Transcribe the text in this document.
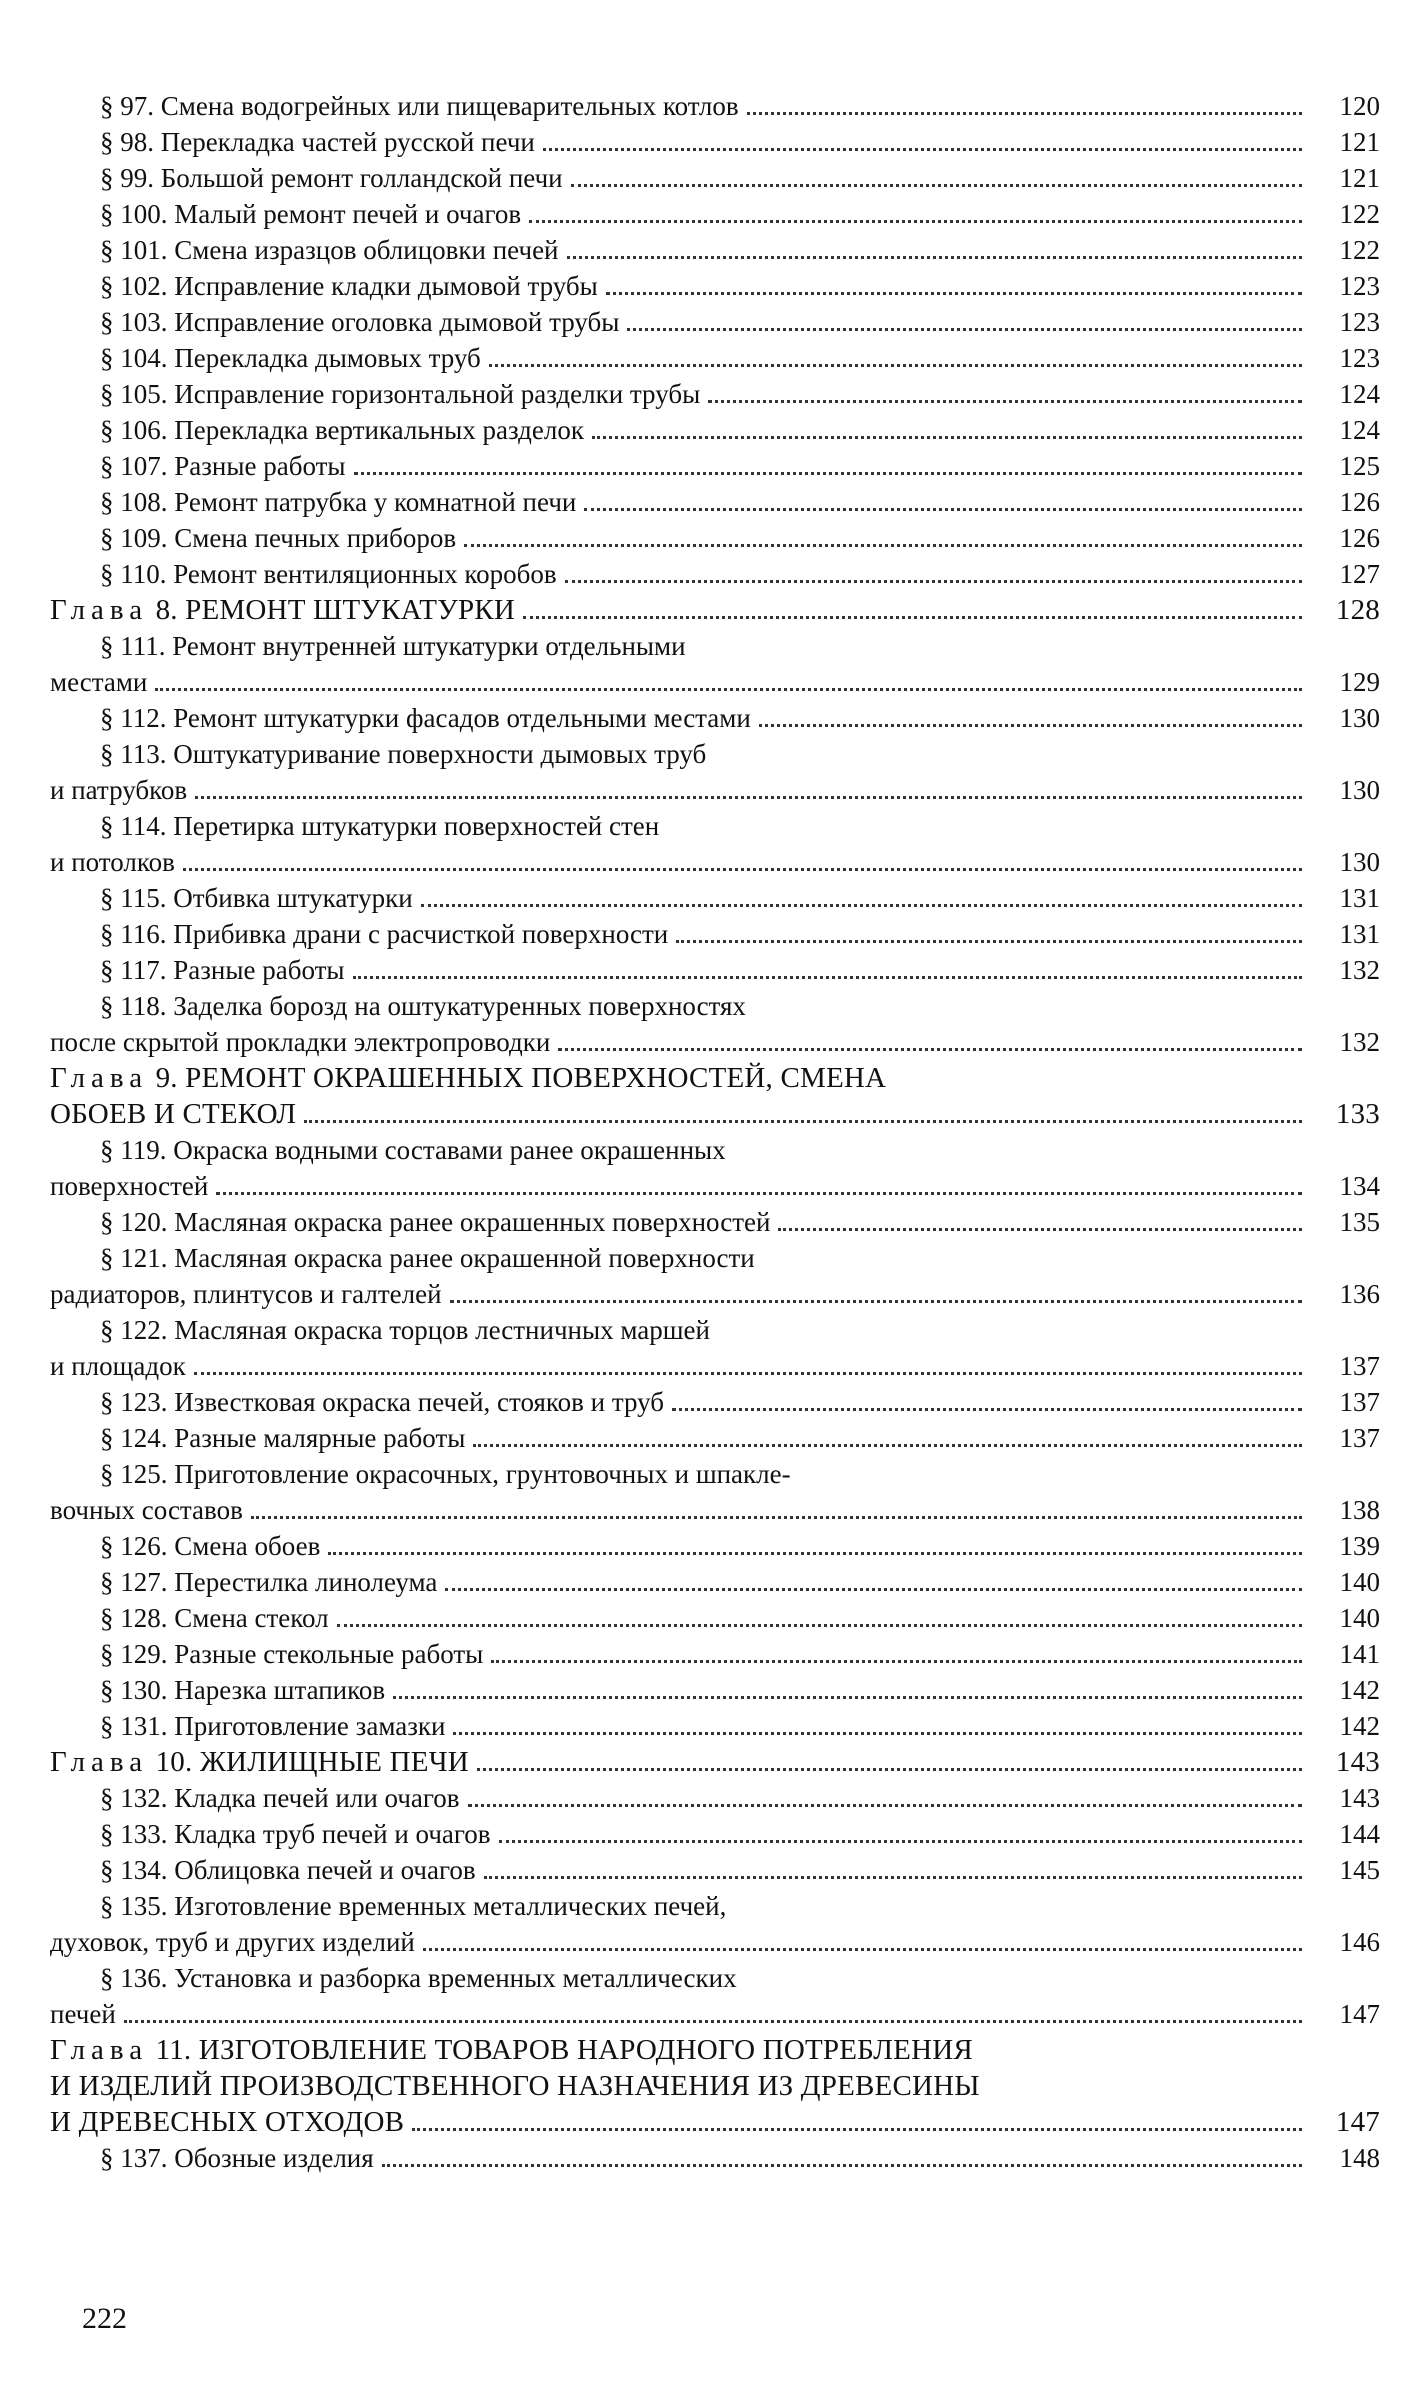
§ 97. Смена водогрейных или пищеварительных котлов	120
§ 98. Перекладка частей русской печи	121
§ 99. Большой ремонт голландской печи	121
§ 100. Малый ремонт печей и очагов	122
§ 101. Смена изразцов облицовки печей	122
§ 102. Исправление кладки дымовой трубы	123
§ 103. Исправление оголовка дымовой трубы	123
§ 104. Перекладка дымовых труб	123
§ 105. Исправление горизонтальной разделки трубы	124
§ 106. Перекладка вертикальных разделок	124
§ 107. Разные работы	125
§ 108. Ремонт патрубка у комнатной печи	126
§ 109. Смена печных приборов	126
§ 110. Ремонт вентиляционных коробов	127
Глава 8. РЕМОНТ ШТУКАТУРКИ	128
§ 111. Ремонт внутренней штукатурки отдельными
местами	129
§ 112. Ремонт штукатурки фасадов отдельными местами	130
§ 113. Оштукатуривание поверхности дымовых труб
и патрубков	130
§ 114. Перетирка штукатурки поверхностей стен
и потолков	130
§ 115. Отбивка штукатурки	131
§ 116. Прибивка драни с расчисткой поверхности	131
§ 117. Разные работы	132
§ 118. Заделка борозд на оштукатуренных поверхностях
после скрытой прокладки электропроводки	132
Глава 9. РЕМОНТ ОКРАШЕННЫХ ПОВЕРХНОСТЕЙ, СМЕНА
ОБОЕВ И СТЕКОЛ	133
§ 119. Окраска водными составами ранее окрашенных
поверхностей	134
§ 120. Масляная окраска ранее окрашенных поверхностей	135
§ 121. Масляная окраска ранее окрашенной поверхности
радиаторов, плинтусов и галтелей	136
§ 122. Масляная окраска торцов лестничных маршей
и площадок	137
§ 123. Известковая окраска печей, стояков и труб	137
§ 124. Разные малярные работы	137
§ 125. Приготовление окрасочных, грунтовочных и шпакле-
вочных составов	138
§ 126. Смена обоев	139
§ 127. Перестилка линолеума	140
§ 128. Смена стекол	140
§ 129. Разные стекольные работы	141
§ 130. Нарезка штапиков	142
§ 131. Приготовление замазки	142
Глава 10. ЖИЛИЩНЫЕ ПЕЧИ	143
§ 132. Кладка печей или очагов	143
§ 133. Кладка труб печей и очагов	144
§ 134. Облицовка печей и очагов	145
§ 135. Изготовление временных металлических печей,
духовок, труб и других изделий	146
§ 136. Установка и разборка временных металлических
печей	147
Глава 11. ИЗГОТОВЛЕНИЕ ТОВАРОВ НАРОДНОГО ПОТРЕБЛЕНИЯ
И ИЗДЕЛИЙ ПРОИЗВОДСТВЕННОГО НАЗНАЧЕНИЯ ИЗ ДРЕВЕСИНЫ
И ДРЕВЕСНЫХ ОТХОДОВ	147
§ 137. Обозные изделия	148
222
